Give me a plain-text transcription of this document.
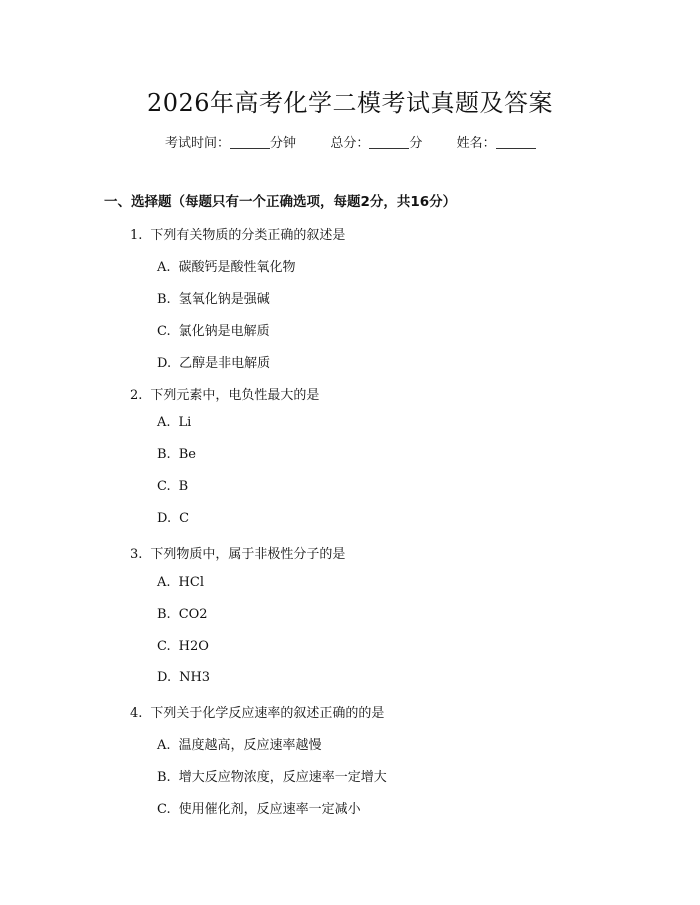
2026年高考化学二模考试真题及答案
考试时间：	分钟	总分：	分	姓名：
一、选择题（每题只有一个正确选项，每题2分，共16分）
1. 下列有关物质的分类正确的叙述是
A. 碳酸钙是酸性氧化物
B. 氢氧化钠是强碱
C. 氯化钠是电解质
D. 乙醇是非电解质
2. 下列元素中，电负性最大的是
A. Li
B. Be
C. B
D. C
3. 下列物质中，属于非极性分子的是
A. HCl
B. CO2
C. H2O
D. NH3
4. 下列关于化学反应速率的叙述正确的的是
A. 温度越高，反应速率越慢
B. 增大反应物浓度，反应速率一定增大
C. 使用催化剂，反应速率一定减小
